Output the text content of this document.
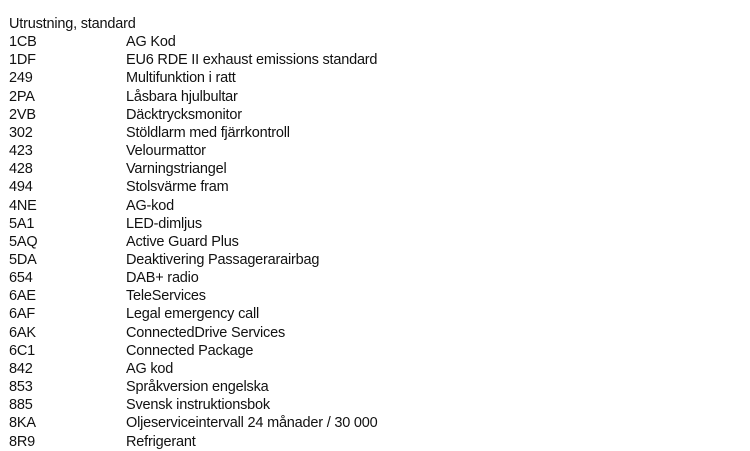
Utrustning, standard
1CB	AG Kod
1DF	EU6 RDE II exhaust emissions standard
249	Multifunktion i ratt
2PA	Låsbara hjulbultar
2VB	Däcktrycksmonitor
302	Stöldlarm med fjärrkontroll
423	Velourmattor
428	Varningstriangel
494	Stolsvärme fram
4NE	AG-kod
5A1	LED-dimljus
5AQ	Active Guard Plus
5DA	Deaktivering Passagerarairbag
654	DAB+ radio
6AE	TeleServices
6AF	Legal emergency call
6AK	ConnectedDrive Services
6C1	Connected Package
842	AG kod
853	Språkversion engelska
885	Svensk instruktionsbok
8KA	Oljeserviceintervall 24 månader / 30 000
8R9	Refrigerant
